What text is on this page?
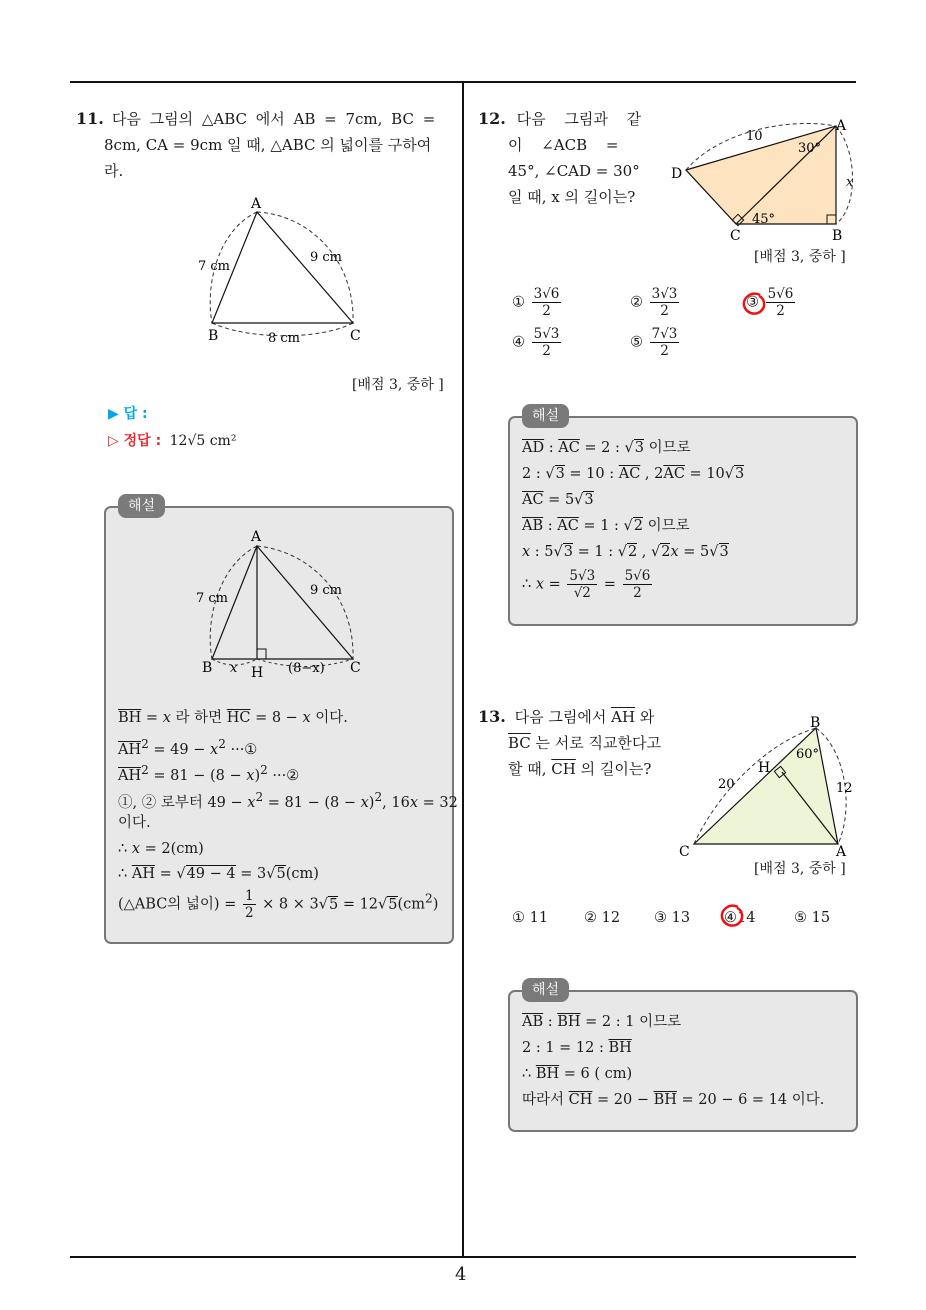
4
11. 다음 그림의 △ABC 에서 AB = 7cm, BC =
8cm, CA = 9cm 일 때, △ABC 의 넓이를 구하여
라.
A
B	C
7 cm
9 cm
8 cm
[배점 3, 중하 ]
▶ 답 :
▷ 정답 : 12√5 cm²
해설
A
B	C
H
7 cm
9 cm
x	(8−x)
$\overline{BH} = x$ 라 하면 $\overline{HC} = 8 - x$ 이다.
$\overline{AH}^2 = 49 - x^2$ ···①
$\overline{AH}^2 = 81 - (8 - x)^2$ ···②
①, ② 로부터 $49 - x^2 = 81 - (8 - x)^2$, 16x = 32
이다.
∴ x = 2(cm)
∴ $\overline{AH} = √49 - 4 = 3√5(cm)$
(△ABC의 넓이) = $\frac{1}{2} \times 8 \times 3√5 = 12√5(cm^2)$
12. 다음 그림과 같
이 ∠ACB =
45°, ∠CAD = 30°
일 때, x 의 길이는?
A
B
C
D
10
x
30°
45°
[배점 3, 중하 ]
① $\frac{3√6}{2}$	② $\frac{3√3}{2}$	③ $\frac{5√6}{2}$
④ $\frac{5√3}{2}$	⑤ $\frac{7√3}{2}$
해설
$\overline{AD}$ : $\overline{AC} = 2$ : √3 이므로
2 : √3 = 10 : $\overline{AC}$ , $2\overline{AC} = 10√3$
$\overline{AC} = 5√3$
$\overline{AB}$ : $\overline{AC} = 1$ : √2 이므로
x : 5√3 = 1 : √2 , √2x = 5√3
∴ $x = \frac{5√3}{√2} = \frac{5√6}{2}$
13. 다음 그림에서 $\overline{AH}$ 와
$\overline{BC}$ 는 서로 직교한다고
할 때, $\overline{CH}$ 의 길이는?
B
A
C
H
20	12
60°
[배점 3, 중하 ]
① 11 ② 12 ③ 13 ④14	⑤ 15
해설
$\overline{AB}$ : $\overline{BH} = 2$ : 1 이므로
2 : 1 = 12 : $\overline{BH}$
∴ $\overline{BH} = 6$ ( cm)
따라서 $\overline{CH} = 20 - \overline{BH} = 20 - 6 = 14$ 이다.
